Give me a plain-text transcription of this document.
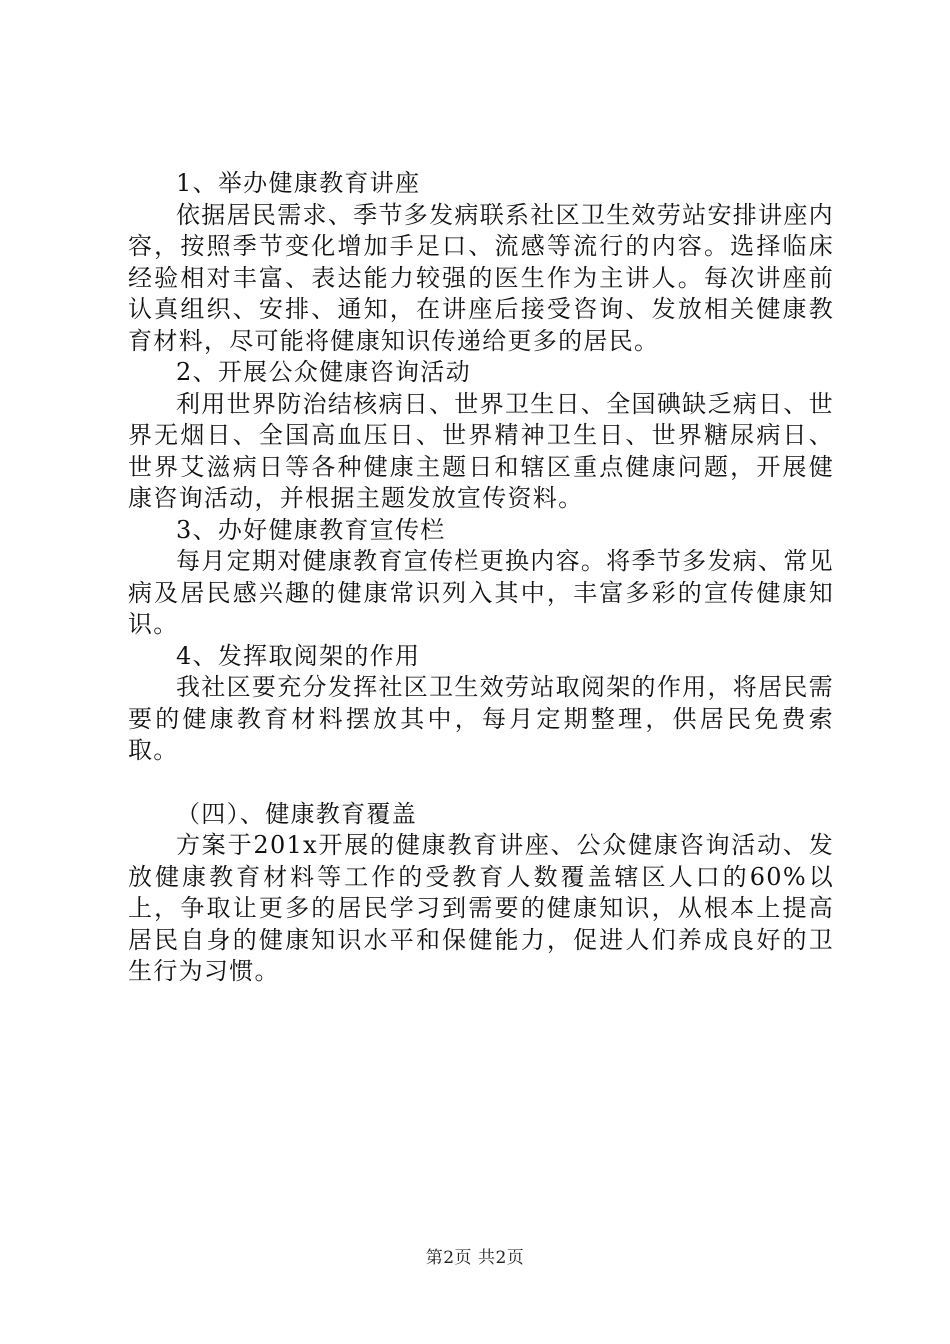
1、举办健康教育讲座

依据居民需求、季节多发病联系社区卫生效劳站安排讲座内容，按照季节变化增加手足口、流感等流行的内容。选择临床经验相对丰富、表达能力较强的医生作为主讲人。每次讲座前认真组织、安排、通知，在讲座后接受咨询、发放相关健康教育材料，尽可能将健康知识传递给更多的居民。

2、开展公众健康咨询活动

利用世界防治结核病日、世界卫生日、全国碘缺乏病日、世界无烟日、全国高血压日、世界精神卫生日、世界糖尿病日、世界艾滋病日等各种健康主题日和辖区重点健康问题，开展健康咨询活动，并根据主题发放宣传资料。

3、办好健康教育宣传栏

每月定期对健康教育宣传栏更换内容。将季节多发病、常见病及居民感兴趣的健康常识列入其中，丰富多彩的宣传健康知识。

4、发挥取阅架的作用

我社区要充分发挥社区卫生效劳站取阅架的作用，将居民需要的健康教育材料摆放其中，每月定期整理，供居民免费索取。

（四）、健康教育覆盖

方案于201x开展的健康教育讲座、公众健康咨询活动、发放健康教育材料等工作的受教育人数覆盖辖区人口的60%以上，争取让更多的居民学习到需要的健康知识，从根本上提高居民自身的健康知识水平和保健能力，促进人们养成良好的卫生行为习惯。

第2页 共2页
